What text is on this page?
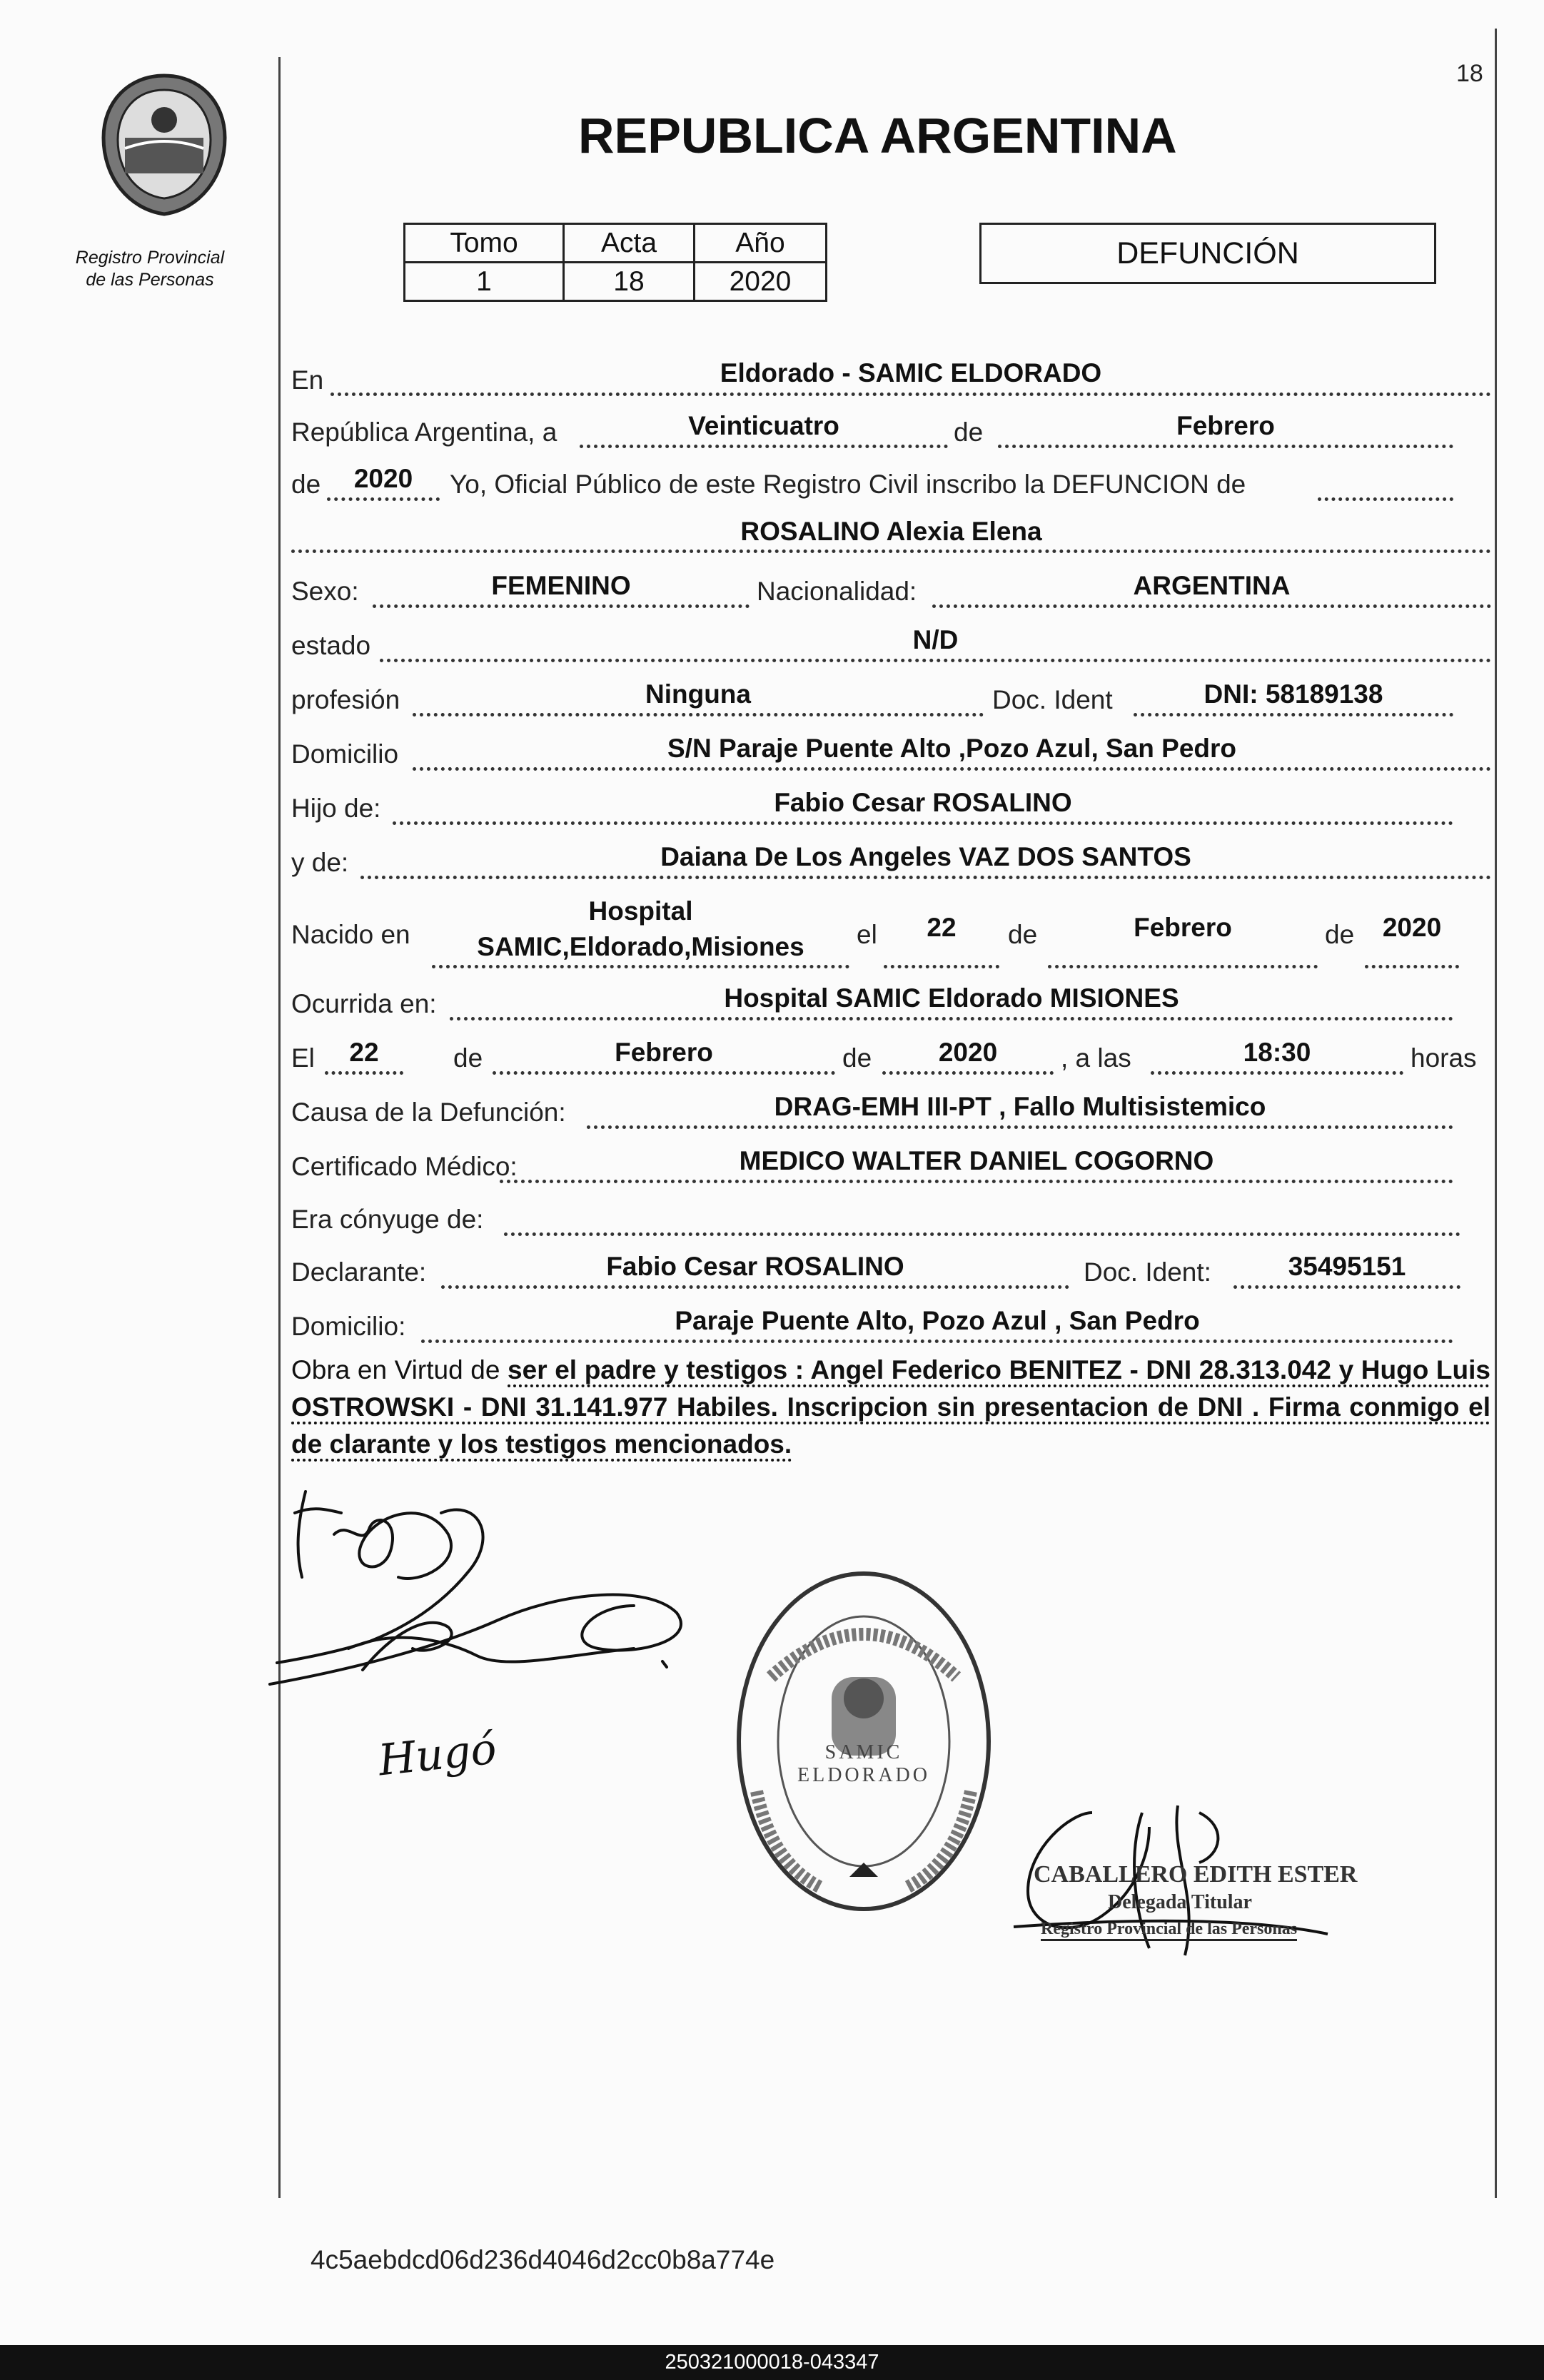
18
Registro Provincial de las Personas
REPUBLICA ARGENTINA
Tomo	Acta	Año
1	18	2020
DEFUNCIÓN
En	Eldorado - SAMIC ELDORADO
República Argentina, a	Veinticuatro	de	Febrero
de	2020	Yo, Oficial Público de este Registro Civil inscribo la DEFUNCION de
ROSALINO Alexia Elena
Sexo:	FEMENINO	Nacionalidad:	ARGENTINA
estado	N/D
profesión	Ninguna	Doc. Ident	DNI: 58189138
Domicilio	S/N Paraje Puente Alto ,Pozo Azul, San Pedro
Hijo de:	Fabio Cesar ROSALINO
y de:	Daiana De Los Angeles VAZ DOS SANTOS
Nacido en
Hospital
SAMIC,Eldorado,Misiones	el	22	de	Febrero	de	2020
Ocurrida en:	Hospital SAMIC Eldorado MISIONES
El	22	de	Febrero	de	2020	, a las	18:30	horas
Causa de la Defunción:	DRAG-EMH III-PT , Fallo Multisistemico
Certificado Médico:	MEDICO WALTER DANIEL COGORNO
Era cónyuge de:
Declarante:	Fabio Cesar ROSALINO	Doc. Ident:	35495151
Domicilio:	Paraje Puente Alto, Pozo Azul , San Pedro
Obra en Virtud de ser el padre y testigos : Angel Federico BENITEZ - DNI 28.313.042 y Hugo Luis OSTROWSKI - DNI 31.141.977 Habiles. Inscripcion sin presentacion de DNI . Firma conmigo el de clarante y los testigos mencionados.
Hugó	SAMIC ELDORADO
CABALLERO EDITH ESTER
Delegada Titular
Registro Provincial de las Personas
4c5aebdcd06d236d4046d2cc0b8a774e
250321000018-043347
